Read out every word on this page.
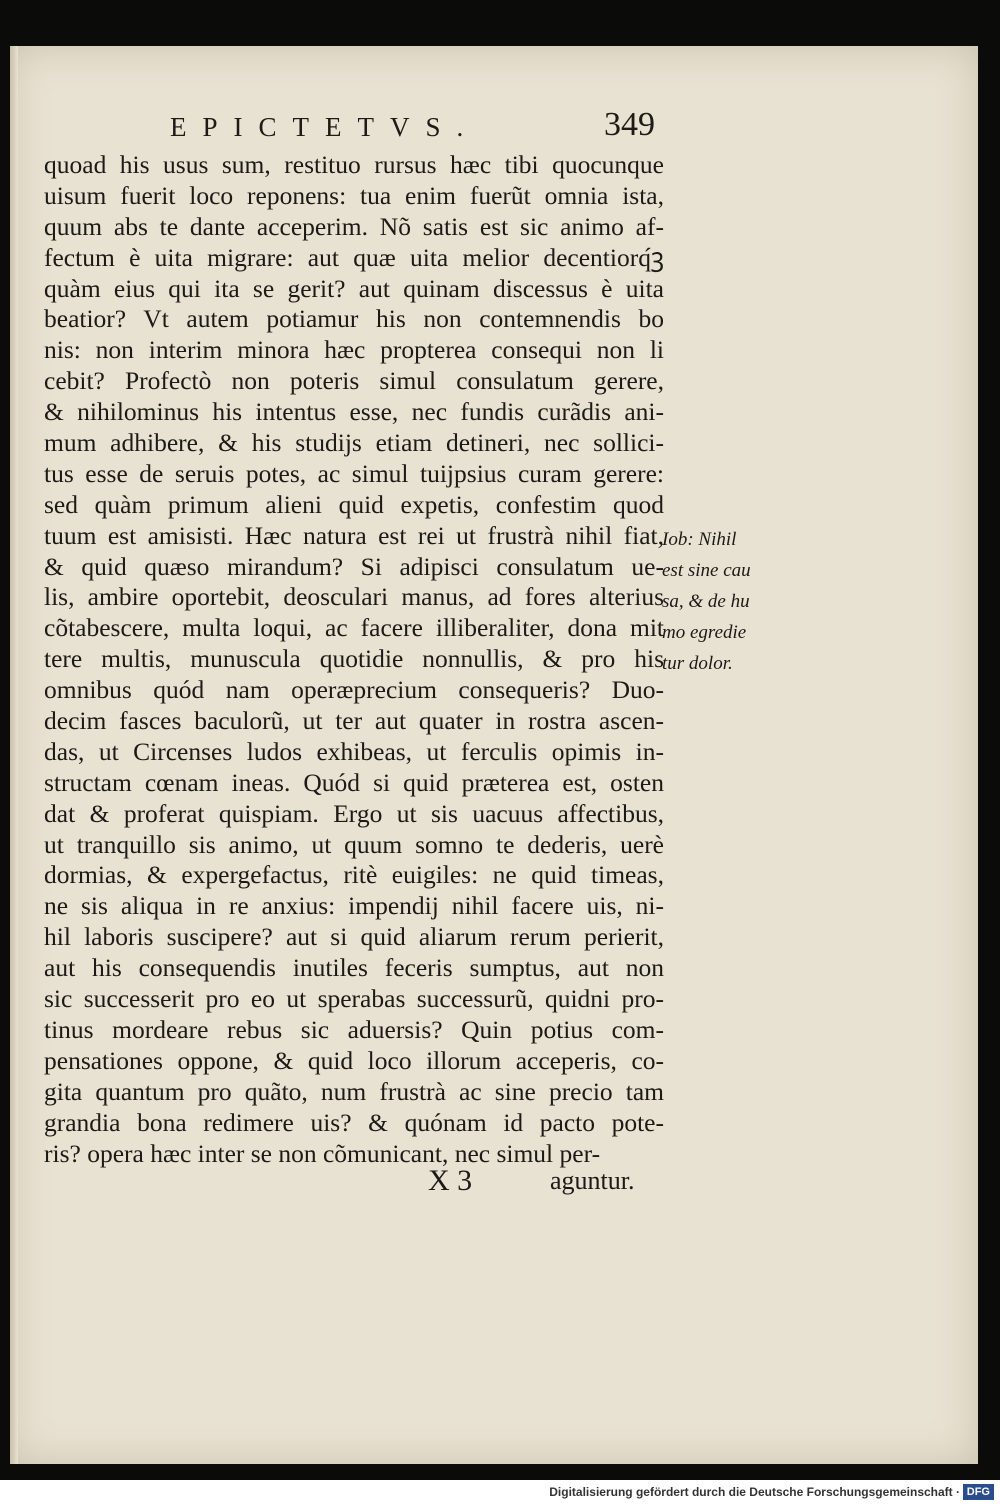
EPICTETVS.	349
quoad his usus sum, restituo rursus hæc tibi quocunque
uisum fuerit loco reponens: tua enim fuerũt omnia ista,
quum abs te dante acceperim. Nõ satis est sic animo af-
fectum è uita migrare: aut quæ uita melior decentiorq́ꝫ
quàm eius qui ita se gerit? aut quinam discessus è uita
beatior? Vt autem potiamur his non contemnendis bo
nis: non interim minora hæc propterea consequi non li
cebit? Profectò non poteris simul consulatum gerere,
& nihilominus his intentus esse, nec fundis curãdis ani-
mum adhibere, & his studijs etiam detineri, nec sollici-
tus esse de seruis potes, ac simul tuijpsius curam gerere:
sed quàm primum alieni quid expetis, confestim quod
tuum est amisisti. Hæc natura est rei ut frustrà nihil fiat,
& quid quæso mirandum? Si adipisci consulatum ue-
lis, ambire oportebit, deosculari manus, ad fores alterius
cõtabescere, multa loqui, ac facere illiberaliter, dona mit
tere multis, munuscula quotidie nonnullis, & pro his
omnibus quód nam operæprecium consequeris? Duo-
decim fasces baculorũ, ut ter aut quater in rostra ascen-
das, ut Circenses ludos exhibeas, ut ferculis opimis in-
structam cœnam ineas. Quód si quid præterea est, osten
dat & proferat quispiam. Ergo ut sis uacuus affectibus,
ut tranquillo sis animo, ut quum somno te dederis, uerè
dormias, & expergefactus, ritè euigiles: ne quid timeas,
ne sis aliqua in re anxius: impendij nihil facere uis, ni-
hil laboris suscipere? aut si quid aliarum rerum perierit,
aut his consequendis inutiles feceris sumptus, aut non
sic successerit pro eo ut sperabas successurũ, quidni pro-
tinus mordeare rebus sic aduersis? Quin potius com-
pensationes oppone, & quid loco illorum acceperis, co-
gita quantum pro quãto, num frustrà ac sine precio tam
grandia bona redimere uis? & quónam id pacto pote-
ris? opera hæc inter se non cõmunicant, nec simul per-
Iob: Nihil
est sine cau
sa, & de hu
mo egredie
tur dolor.
X 3	aguntur.
Digitalisierung gefördert durch die Deutsche Forschungsgemeinschaft · DFG
